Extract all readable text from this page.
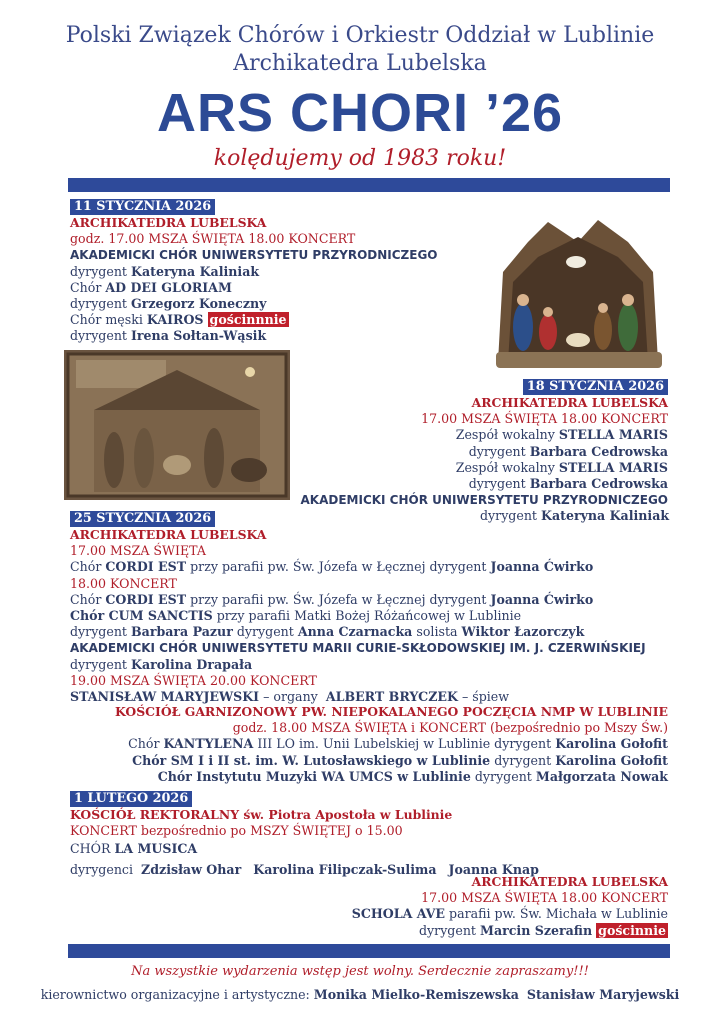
Polski Związek Chórów i Orkiestr Oddział w Lublinie
Archikatedra Lubelska
ARS CHORI ’26
kolędujemy od 1983 roku!
11 STYCZNIA 2026
ARCHIKATEDRA LUBELSKA
godz. 17.00 MSZA ŚWIĘTA 18.00 KONCERT
AKADEMICKI CHÓR UNIWERSYTETU PRZYRODNICZEGO
dyrygent Kateryna Kaliniak
Chór AD DEI GLORIAM
dyrygent Grzegorz Koneczny
Chór męski KAIROS gościnnnie
dyrygent Irena Sołtan-Wąsik
18 STYCZNIA 2026
ARCHIKATEDRA LUBELSKA
17.00 MSZA ŚWIĘTA 18.00 KONCERT
Zespół wokalny STELLA MARIS
dyrygent Barbara Cedrowska
Zespół wokalny STELLA MARIS
dyrygent Barbara Cedrowska
AKADEMICKI CHÓR UNIWERSYTETU PRZYRODNICZEGO
dyrygent Kateryna Kaliniak
25 STYCZNIA 2026
ARCHIKATEDRA LUBELSKA
17.00 MSZA ŚWIĘTA
Chór CORDI EST przy parafii pw. Św. Józefa w Łęcznej dyrygent Joanna Ćwirko
18.00 KONCERT
Chór CORDI EST przy parafii pw. Św. Józefa w Łęcznej dyrygent Joanna Ćwirko
Chór CUM SANCTIS przy parafii Matki Bożej Różańcowej w Lublinie
dyrygent Barbara Pazur dyrygent Anna Czarnacka solista Wiktor Łazorczyk
AKADEMICKI CHÓR UNIWERSYTETU MARII CURIE-SKŁODOWSKIEJ IM. J. CZERWIŃSKIEJ
dyrygent Karolina Drapała
19.00 MSZA ŚWIĘTA 20.00 KONCERT
STANISŁAW MARYJEWSKI – organy ALBERT BRYCZEK – śpiew
KOŚCIÓŁ GARNIZONOWY PW. NIEPOKALANEGO POCZĘCIA NMP W LUBLINIE
godz. 18.00 MSZA ŚWIĘTA i KONCERT (bezpośrednio po Mszy Św.)
Chór KANTYLENA III LO im. Unii Lubelskiej w Lublinie dyrygent Karolina Gołofit
Chór SM I i II st. im. W. Lutosławskiego w Lublinie dyrygent Karolina Gołofit
Chór Instytutu Muzyki WA UMCS w Lublinie dyrygent Małgorzata Nowak
1 LUTEGO 2026
KOŚCIÓŁ REKTORALNY św. Piotra Apostoła w Lublinie
KONCERT bezpośrednio po MSZY ŚWIĘTEJ o 15.00
CHÓR LA MUSICA
dyrygenci Zdzisław Ohar Karolina Filipczak-Sulima Joanna Knap
ARCHIKATEDRA LUBELSKA
17.00 MSZA ŚWIĘTA 18.00 KONCERT
SCHOLA AVE parafii pw. Św. Michała w Lublinie
dyrygent Marcin Szerafin gościnnie
Na wszystkie wydarzenia wstęp jest wolny. Serdecznie zapraszamy!!!
kierownictwo organizacyjne i artystyczne: Monika Mielko-Remiszewska Stanisław Maryjewski
